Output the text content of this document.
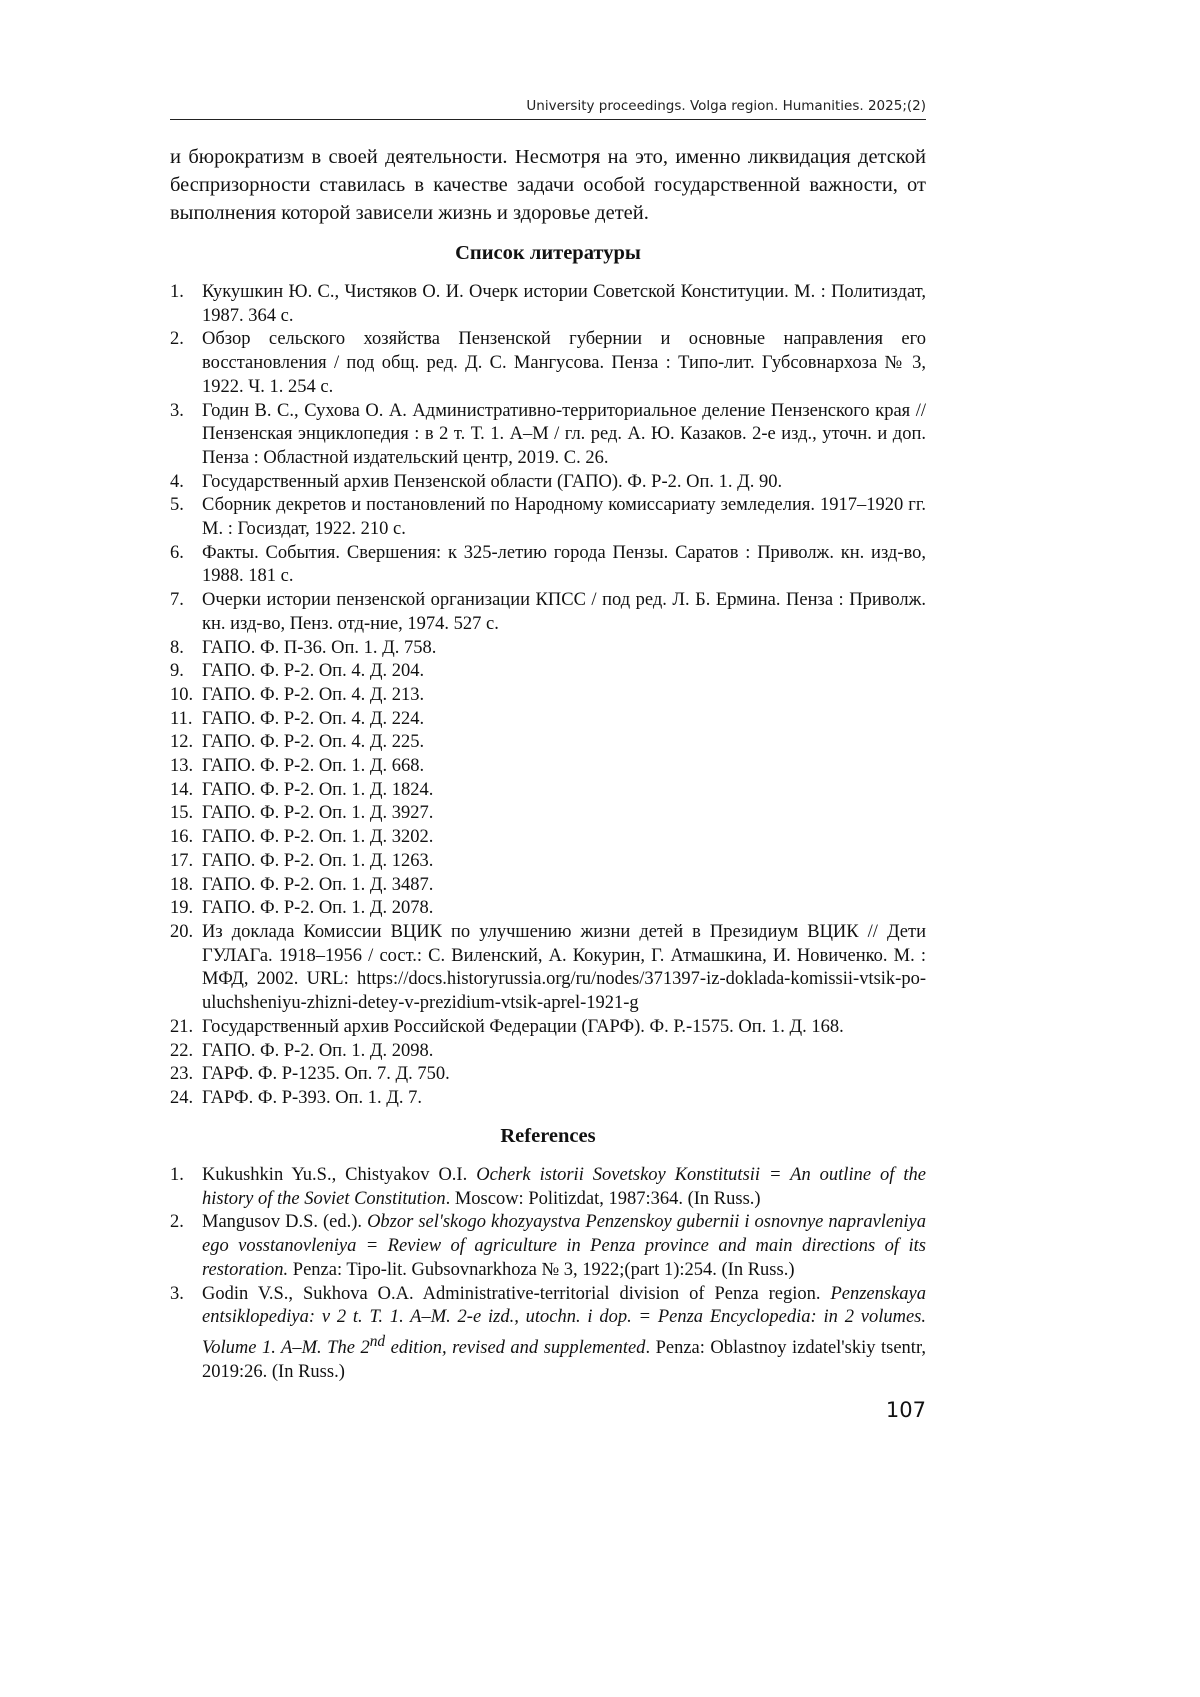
University proceedings. Volga region. Humanities. 2025;(2)
и бюрократизм в своей деятельности. Несмотря на это, именно ликвидация детской беспризорности ставилась в качестве задачи особой государственной важности, от выполнения которой зависели жизнь и здоровье детей.
Список литературы
1. Кукушкин Ю. С., Чистяков О. И. Очерк истории Советской Конституции. М. : Политиздат, 1987. 364 с.
2. Обзор сельского хозяйства Пензенской губернии и основные направления его восстановления / под общ. ред. Д. С. Мангусова. Пенза : Типо-лит. Губсовнархоза № 3, 1922. Ч. 1. 254 с.
3. Годин В. С., Сухова О. А. Административно-территориальное деление Пензенского края // Пензенская энциклопедия : в 2 т. Т. 1. А–М / гл. ред. А. Ю. Казаков. 2-е изд., уточн. и доп. Пенза : Областной издательский центр, 2019. С. 26.
4. Государственный архив Пензенской области (ГАПО). Ф. Р-2. Оп. 1. Д. 90.
5. Сборник декретов и постановлений по Народному комиссариату земледелия. 1917–1920 гг. М. : Госиздат, 1922. 210 с.
6. Факты. События. Свершения: к 325-летию города Пензы. Саратов : Приволж. кн. изд-во, 1988. 181 с.
7. Очерки истории пензенской организации КПСС / под ред. Л. Б. Ермина. Пенза : Приволж. кн. изд-во, Пенз. отд-ние, 1974. 527 с.
8. ГАПО. Ф. П-36. Оп. 1. Д. 758.
9. ГАПО. Ф. Р-2. Оп. 4. Д. 204.
10. ГАПО. Ф. Р-2. Оп. 4. Д. 213.
11. ГАПО. Ф. Р-2. Оп. 4. Д. 224.
12. ГАПО. Ф. Р-2. Оп. 4. Д. 225.
13. ГАПО. Ф. Р-2. Оп. 1. Д. 668.
14. ГАПО. Ф. Р-2. Оп. 1. Д. 1824.
15. ГАПО. Ф. Р-2. Оп. 1. Д. 3927.
16. ГАПО. Ф. Р-2. Оп. 1. Д. 3202.
17. ГАПО. Ф. Р-2. Оп. 1. Д. 1263.
18. ГАПО. Ф. Р-2. Оп. 1. Д. 3487.
19. ГАПО. Ф. Р-2. Оп. 1. Д. 2078.
20. Из доклада Комиссии ВЦИК по улучшению жизни детей в Президиум ВЦИК // Дети ГУЛАГа. 1918–1956 / сост.: С. Виленский, А. Кокурин, Г. Атмашкина, И. Новиченко. М. : МФД, 2002. URL: https://docs.historyrussia.org/ru/nodes/371397-iz-doklada-komissii-vtsik-po-uluchsheniyu-zhizni-detey-v-prezidium-vtsik-aprel-1921-g
21. Государственный архив Российской Федерации (ГАРФ). Ф. Р.-1575. Оп. 1. Д. 168.
22. ГАПО. Ф. Р-2. Оп. 1. Д. 2098.
23. ГАРФ. Ф. Р-1235. Оп. 7. Д. 750.
24. ГАРФ. Ф. Р-393. Оп. 1. Д. 7.
References
1. Kukushkin Yu.S., Chistyakov O.I. Ocherk istorii Sovetskoy Konstitutsii = An outline of the history of the Soviet Constitution. Moscow: Politizdat, 1987:364. (In Russ.)
2. Mangusov D.S. (ed.). Obzor sel'skogo khozyaystva Penzenskoy gubernii i osnovnye napravleniya ego vosstanovleniya = Review of agriculture in Penza province and main directions of its restoration. Penza: Tipo-lit. Gubsovnarkhoza № 3, 1922;(part 1):254. (In Russ.)
3. Godin V.S., Sukhova O.A. Administrative-territorial division of Penza region. Penzenskaya entsiklopediya: v 2 t. T. 1. A–M. 2-e izd., utochn. i dop. = Penza Encyclopedia: in 2 volumes. Volume 1. A–M. The 2nd edition, revised and supplemented. Penza: Oblastnoy izdatel'skiy tsentr, 2019:26. (In Russ.)
107
